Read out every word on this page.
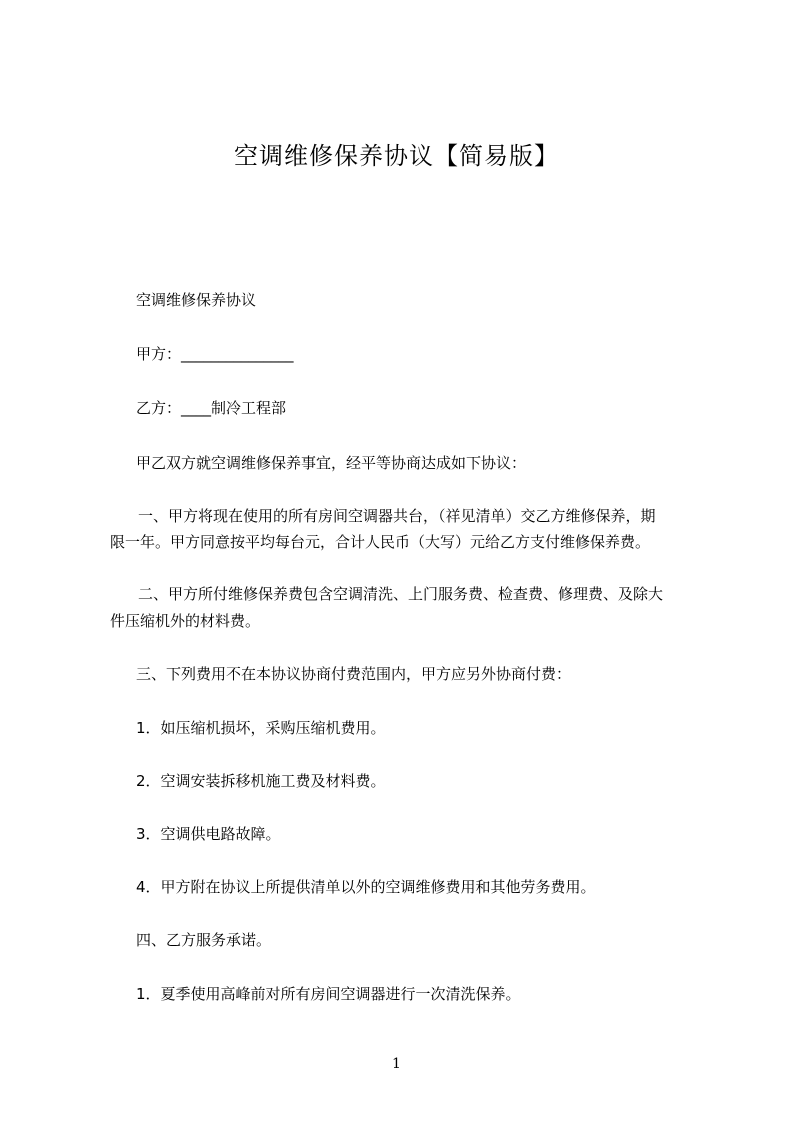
空调维修保养协议【简易版】

空调维修保养协议

甲方：_______________

乙方：____制冷工程部

甲乙双方就空调维修保养事宜，经平等协商达成如下协议：

一、甲方将现在使用的所有房间空调器共台，（祥见清单）交乙方维修保养，期

限一年。甲方同意按平均每台元，合计人民币（大写）元给乙方支付维修保养费。

二、甲方所付维修保养费包含空调清洗、上门服务费、检查费、修理费、及除大

件压缩机外的材料费。

三、下列费用不在本协议协商付费范围内，甲方应另外协商付费：

1．如压缩机损坏，采购压缩机费用。

2．空调安装拆移机施工费及材料费。

3．空调供电路故障。

4．甲方附在协议上所提供清单以外的空调维修费用和其他劳务费用。

四、乙方服务承诺。

1．夏季使用高峰前对所有房间空调器进行一次清洗保养。

1
